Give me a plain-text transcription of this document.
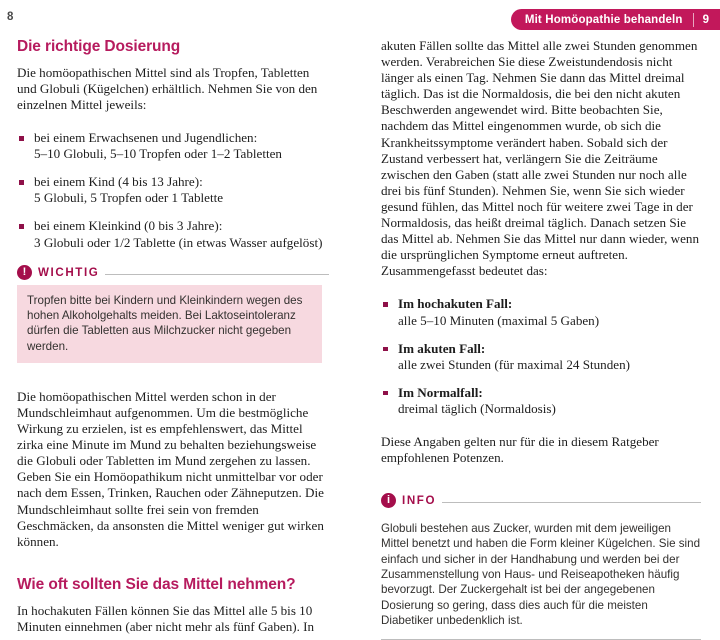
8	Mit Homöopathie behandeln 9
Die richtige Dosierung

Die homöopathischen Mittel sind als Tropfen, Tabletten und Globuli (Kügelchen) erhältlich. Nehmen Sie von den einzelnen Mittel jeweils:

bei einem Erwachsenen und Jugendlichen:
5–10 Globuli, 5–10 Tropfen oder 1–2 Tabletten
bei einem Kind (4 bis 13 Jahre):
5 Globuli, 5 Tropfen oder 1 Tablette
bei einem Kleinkind (0 bis 3 Jahre):
3 Globuli oder 1/2 Tablette (in etwas Wasser aufgelöst)
!	WICHTIG

Tropfen bitte bei Kindern und Kleinkindern wegen des hohen Alkoholgehalts meiden. Bei Laktoseintoleranz dürfen die Tabletten aus Milchzucker nicht gegeben werden.

Die homöopathischen Mittel werden schon in der Mundschleimhaut aufgenommen. Um die bestmögliche Wirkung zu erzielen, ist es empfehlenswert, das Mittel zirka eine Minute im Mund zu behalten beziehungsweise die Globuli oder Tabletten im Mund zergehen zu lassen. Geben Sie ein Homöopathikum nicht unmittelbar vor oder nach dem Essen, Trinken, Rauchen oder Zähneputzen. Die Mundschleimhaut sollte frei sein von fremden Geschmäcken, da ansonsten die Mittel weniger gut wirken können.

Wie oft sollten Sie das Mittel nehmen?

In hochakuten Fällen können Sie das Mittel alle 5 bis 10 Minuten einnehmen (aber nicht mehr als fünf Gaben). In

akuten Fällen sollte das Mittel alle zwei Stunden genommen werden. Verabreichen Sie diese Zweistundendosis nicht länger als einen Tag. Nehmen Sie dann das Mittel dreimal täglich. Das ist die Normaldosis, die bei den nicht akuten Beschwerden angewendet wird. Bitte beobachten Sie, nachdem das Mittel eingenommen wurde, ob sich die Krankheitssymptome verändert haben. Sobald sich der Zustand verbessert hat, verlängern Sie die Zeiträume zwischen den Gaben (statt alle zwei Stunden nur noch alle drei bis fünf Stunden). Nehmen Sie, wenn Sie sich wieder gesund fühlen, das Mittel noch für weitere zwei Tage in der Normaldosis, das heißt dreimal täglich. Danach setzen Sie das Mittel ab. Nehmen Sie das Mittel nur dann wieder, wenn die ursprünglichen Symptome erneut auftreten. Zusammengefasst bedeutet das:

Im hochakuten Fall:
alle 5–10 Minuten (maximal 5 Gaben)
Im akuten Fall:
alle zwei Stunden (für maximal 24 Stunden)
Im Normalfall:
dreimal täglich (Normaldosis)

Diese Angaben gelten nur für die in diesem Ratgeber empfohlenen Potenzen.

i	INFO

Globuli bestehen aus Zucker, wurden mit dem jeweiligen Mittel benetzt und haben die Form kleiner Kügelchen. Sie sind einfach und sicher in der Handhabung und werden bei der Zusammenstellung von Haus- und Reiseapotheken häufig bevorzugt. Der Zuckergehalt ist bei der angegebenen Dosierung so gering, dass dies auch für die meisten Diabetiker unbedenklich ist.
